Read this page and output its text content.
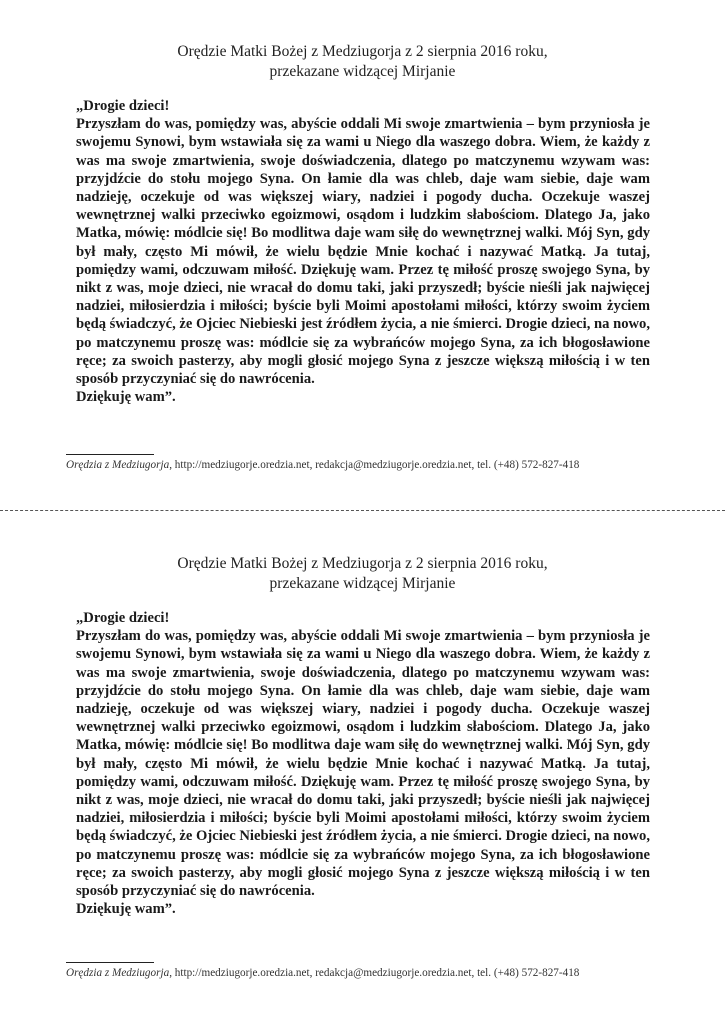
Orędzie Matki Bożej z Medziugorja z 2 sierpnia 2016 roku,
przekazane widzącej Mirjanie

„Drogie dzieci!

Przyszłam do was, pomiędzy was, abyście oddali Mi swoje zmartwienia – bym przyniosła je swojemu Synowi, bym wstawiała się za wami u Niego dla waszego dobra. Wiem, że każdy z was ma swoje zmartwienia, swoje doświadczenia, dlatego po matczynemu wzywam was: przyjdźcie do stołu mojego Syna. On łamie dla was chleb, daje wam siebie, daje wam nadzieję, oczekuje od was większej wiary, nadziei i pogody ducha. Oczekuje waszej wewnętrznej walki przeciwko egoizmowi, osądom i ludzkim słabościom. Dlatego Ja, jako Matka, mówię: módlcie się! Bo modlitwa daje wam siłę do wewnętrznej walki. Mój Syn, gdy był mały, często Mi mówił, że wielu będzie Mnie kochać i nazywać Matką. Ja tutaj, pomiędzy wami, odczuwam miłość. Dziękuję wam. Przez tę miłość proszę swojego Syna, by nikt z was, moje dzieci, nie wracał do domu taki, jaki przyszedł; byście nieśli jak najwięcej nadziei, miłosierdzia i miłości; byście byli Moimi apostołami miłości, którzy swoim życiem będą świadczyć, że Ojciec Niebieski jest źródłem życia, a nie śmierci. Drogie dzieci, na nowo, po matczynemu proszę was: módlcie się za wybrańców mojego Syna, za ich błogosławione ręce; za swoich pasterzy, aby mogli głosić mojego Syna z jeszcze większą miłością i w ten sposób przyczyniać się do nawrócenia.

Dziękuję wam”.

Orędzia z Medziugorja, http://medziugorje.oredzia.net, redakcja@medziugorje.oredzia.net, tel. (+48) 572-827-418
Orędzie Matki Bożej z Medziugorja z 2 sierpnia 2016 roku,
przekazane widzącej Mirjanie

„Drogie dzieci!

Przyszłam do was, pomiędzy was, abyście oddali Mi swoje zmartwienia – bym przyniosła je swojemu Synowi, bym wstawiała się za wami u Niego dla waszego dobra. Wiem, że każdy z was ma swoje zmartwienia, swoje doświadczenia, dlatego po matczynemu wzywam was: przyjdźcie do stołu mojego Syna. On łamie dla was chleb, daje wam siebie, daje wam nadzieję, oczekuje od was większej wiary, nadziei i pogody ducha. Oczekuje waszej wewnętrznej walki przeciwko egoizmowi, osądom i ludzkim słabościom. Dlatego Ja, jako Matka, mówię: módlcie się! Bo modlitwa daje wam siłę do wewnętrznej walki. Mój Syn, gdy był mały, często Mi mówił, że wielu będzie Mnie kochać i nazywać Matką. Ja tutaj, pomiędzy wami, odczuwam miłość. Dziękuję wam. Przez tę miłość proszę swojego Syna, by nikt z was, moje dzieci, nie wracał do domu taki, jaki przyszedł; byście nieśli jak najwięcej nadziei, miłosierdzia i miłości; byście byli Moimi apostołami miłości, którzy swoim życiem będą świadczyć, że Ojciec Niebieski jest źródłem życia, a nie śmierci. Drogie dzieci, na nowo, po matczynemu proszę was: módlcie się za wybrańców mojego Syna, za ich błogosławione ręce; za swoich pasterzy, aby mogli głosić mojego Syna z jeszcze większą miłością i w ten sposób przyczyniać się do nawrócenia.

Dziękuję wam”.

Orędzia z Medziugorja, http://medziugorje.oredzia.net, redakcja@medziugorje.oredzia.net, tel. (+48) 572-827-418
